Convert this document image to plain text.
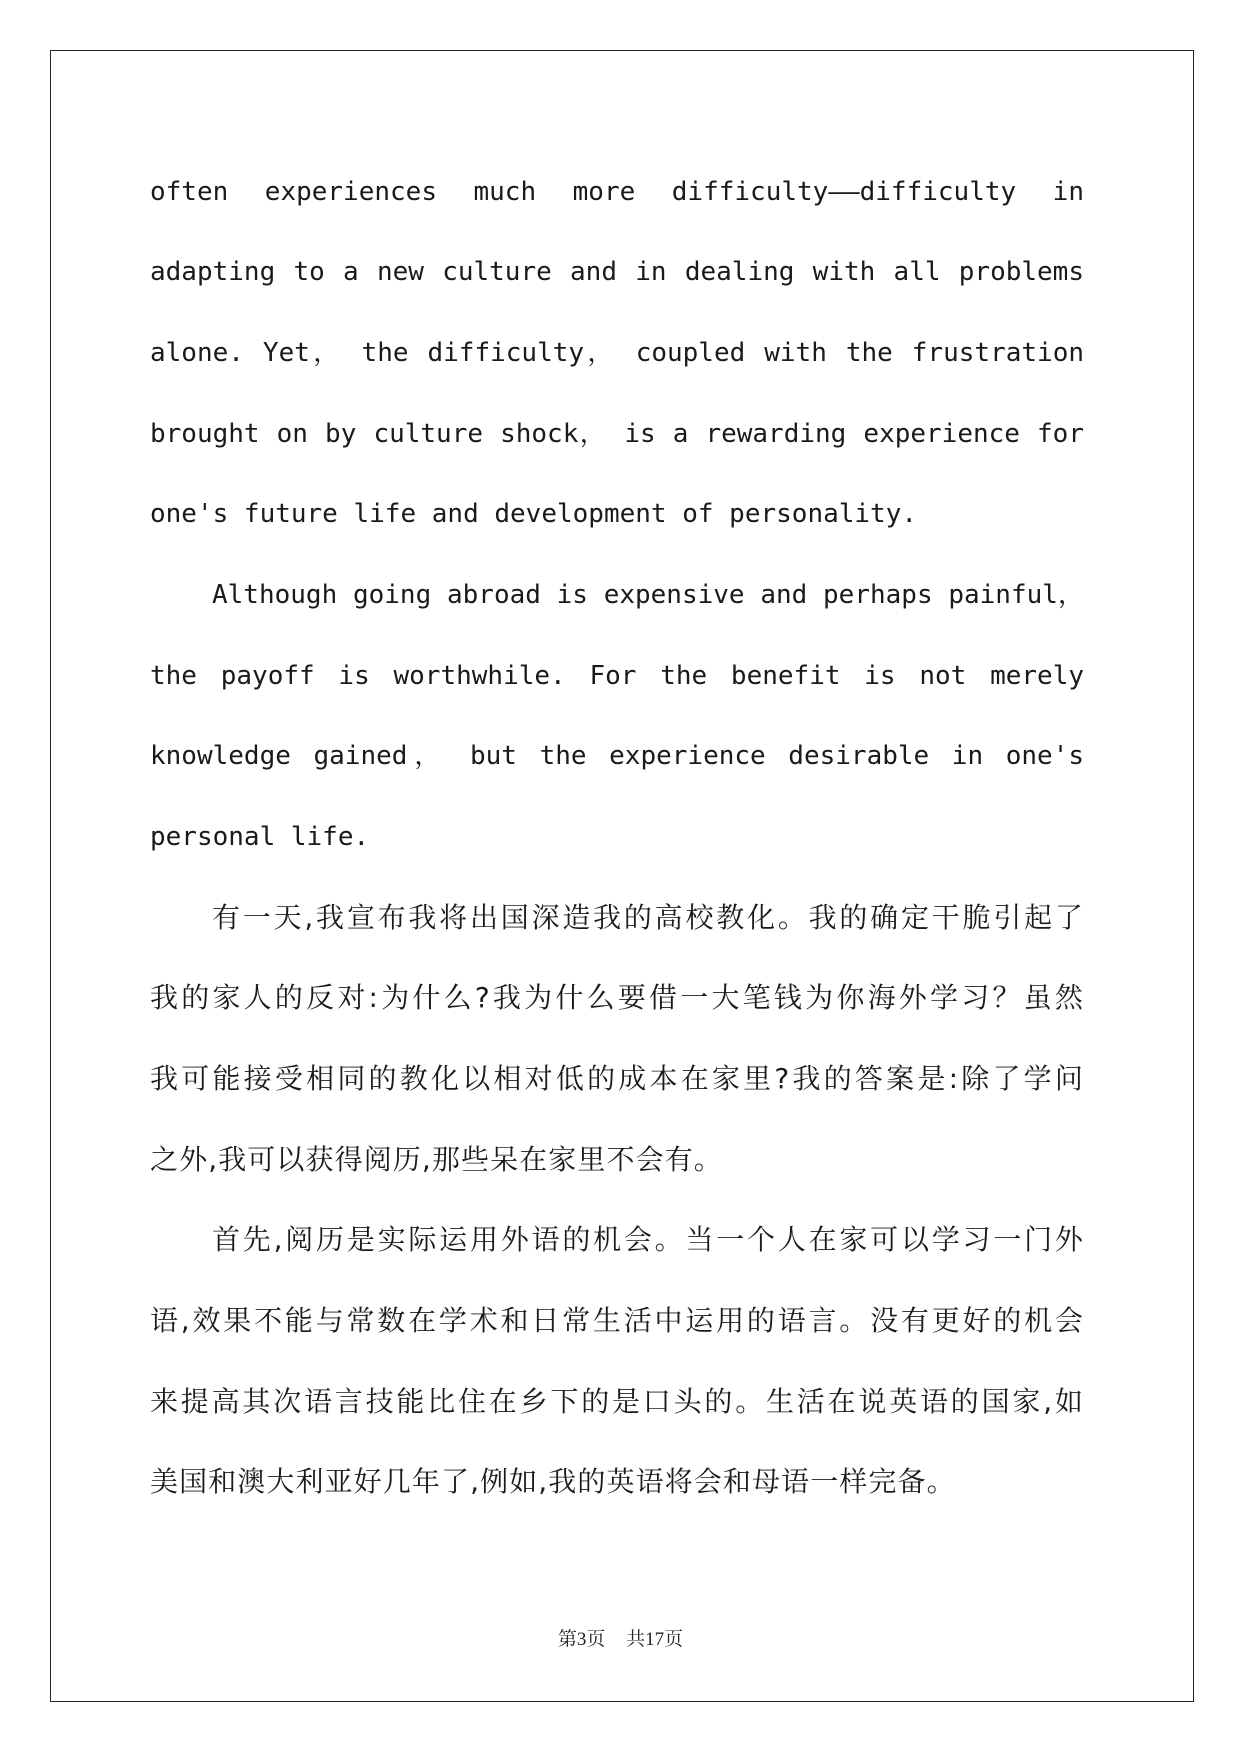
often experiences much more difficulty——difficulty in

adapting to a new culture and in dealing with all problems

alone. Yet， the difficulty， coupled with the frustration

brought on by culture shock， is a rewarding experience for

one's future life and development of personality.

Although going abroad is expensive and perhaps painful，

the payoff is worthwhile. For the benefit is not merely

knowledge gained， but the experience desirable in one's

personal life.

有一天,我宣布我将出国深造我的高校教化。我的确定干脆引起了

我的家人的反对:为什么?我为什么要借一大笔钱为你海外学习？虽然

我可能接受相同的教化以相对低的成本在家里?我的答案是:除了学问

之外,我可以获得阅历,那些呆在家里不会有。

首先,阅历是实际运用外语的机会。当一个人在家可以学习一门外

语,效果不能与常数在学术和日常生活中运用的语言。没有更好的机会

来提高其次语言技能比住在乡下的是口头的。生活在说英语的国家,如

美国和澳大利亚好几年了,例如,我的英语将会和母语一样完备。

第3页 共17页
